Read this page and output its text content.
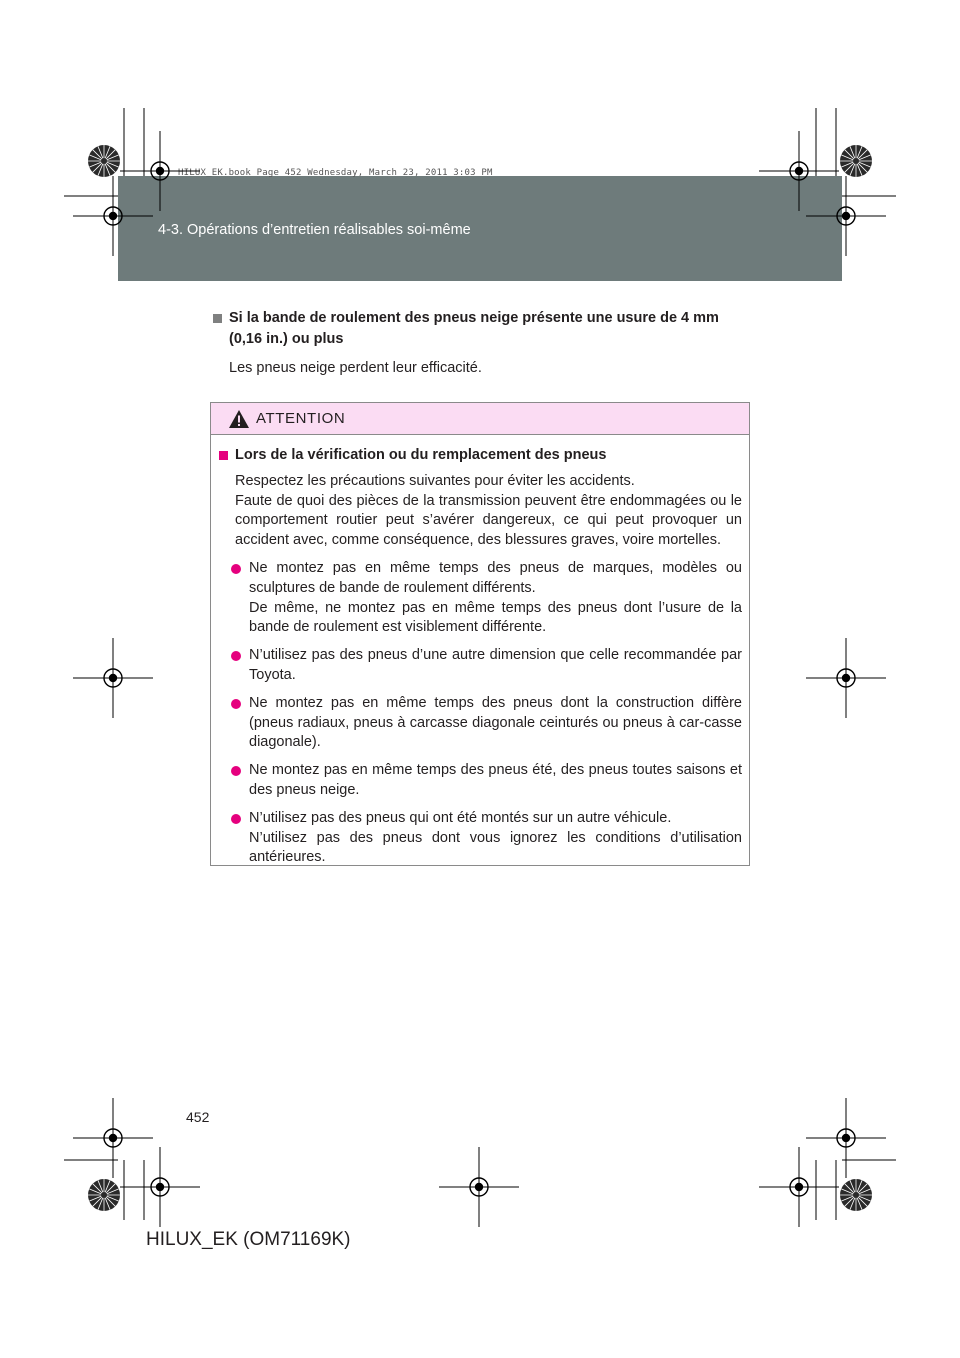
4-3. Opérations d’entretien réalisables soi-même
HILUX_EK.book Page 452 Wednesday, March 23, 2011 3:03 PM
Si la bande de roulement des pneus neige présente une usure de 4 mm (0,16 in.) ou plus

Les pneus neige perdent leur efficacité.

ATTENTION
Lors de la vérification ou du remplacement des pneus
Respectez les précautions suivantes pour éviter les accidents.
Faute de quoi des pièces de la transmission peuvent être endommagées ou le comportement routier peut s’avérer dangereux, ce qui peut provoquer un accident avec, comme conséquence, des blessures graves, voire mortelles.
Ne montez pas en même temps des pneus de marques, modèles ou sculptures de bande de roulement différents.
De même, ne montez pas en même temps des pneus dont l’usure de la bande de roulement est visiblement différente.
N’utilisez pas des pneus d’une autre dimension que celle recommandée par Toyota.
Ne montez pas en même temps des pneus dont la construction diffère (pneus radiaux, pneus à carcasse diagonale ceinturés ou pneus à car-casse diagonale).
Ne montez pas en même temps des pneus été, des pneus toutes saisons et des pneus neige.
N’utilisez pas des pneus qui ont été montés sur un autre véhicule.
N’utilisez pas des pneus dont vous ignorez les conditions d’utilisation antérieures.
452
HILUX_EK (OM71169K)
